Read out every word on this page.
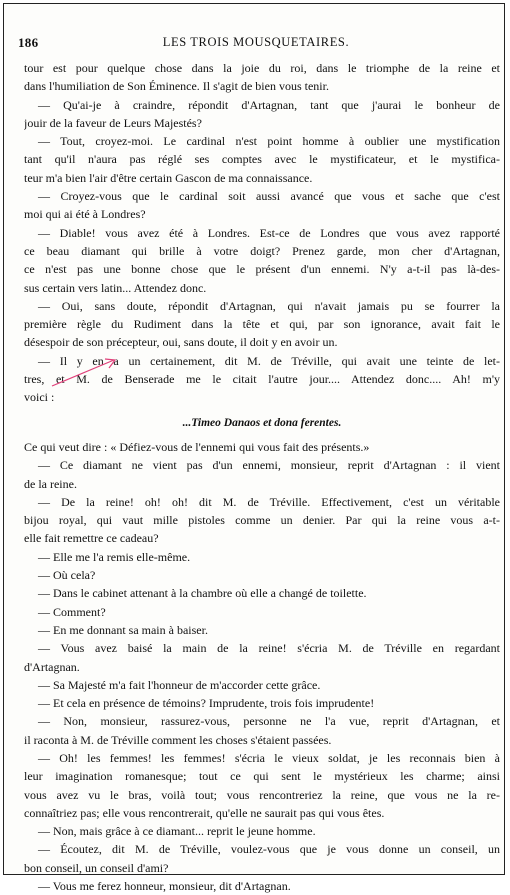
186	LES TROIS MOUSQUETAIRES.
tour est pour quelque chose dans la joie du roi, dans le triomphe de la reine et
dans l'humiliation de Son Éminence. Il s'agit de bien vous tenir.
— Qu'ai-je à craindre, répondit d'Artagnan, tant que j'aurai le bonheur de
jouir de la faveur de Leurs Majestés?
— Tout, croyez-moi. Le cardinal n'est point homme à oublier une mystification
tant qu'il n'aura pas réglé ses comptes avec le mystificateur, et le mystifica-
teur m'a bien l'air d'être certain Gascon de ma connaissance.
— Croyez-vous que le cardinal soit aussi avancé que vous et sache que c'est
moi qui ai été à Londres?
— Diable! vous avez été à Londres. Est-ce de Londres que vous avez rapporté
ce beau diamant qui brille à votre doigt? Prenez garde, mon cher d'Artagnan,
ce n'est pas une bonne chose que le présent d'un ennemi. N'y a-t-il pas là-des-
sus certain vers latin... Attendez donc.
— Oui, sans doute, répondit d'Artagnan, qui n'avait jamais pu se fourrer la
première règle du Rudiment dans la tête et qui, par son ignorance, avait fait le
désespoir de son précepteur, oui, sans doute, il doit y en avoir un.
— Il y en a un certainement, dit M. de Tréville, qui avait une teinte de let-
tres, et M. de Benserade me le citait l'autre jour.... Attendez donc.... Ah! m'y
voici :
...Timeo Danaos et dona ferentes.
Ce qui veut dire : « Défiez-vous de l'ennemi qui vous fait des présents.»
— Ce diamant ne vient pas d'un ennemi, monsieur, reprit d'Artagnan : il vient
de la reine.
— De la reine! oh! oh! dit M. de Tréville. Effectivement, c'est un véritable
bijou royal, qui vaut mille pistoles comme un denier. Par qui la reine vous a-t-
elle fait remettre ce cadeau?
— Elle me l'a remis elle-même.
— Où cela?
— Dans le cabinet attenant à la chambre où elle a changé de toilette.
— Comment?
— En me donnant sa main à baiser.
— Vous avez baisé la main de la reine! s'écria M. de Tréville en regardant
d'Artagnan.
— Sa Majesté m'a fait l'honneur de m'accorder cette grâce.
— Et cela en présence de témoins? Imprudente, trois fois imprudente!
— Non, monsieur, rassurez-vous, personne ne l'a vue, reprit d'Artagnan, et
il raconta à M. de Tréville comment les choses s'étaient passées.
— Oh! les femmes! les femmes! s'écria le vieux soldat, je les reconnais bien à
leur imagination romanesque; tout ce qui sent le mystérieux les charme; ainsi
vous avez vu le bras, voilà tout; vous rencontreriez la reine, que vous ne la re-
connaîtriez pas; elle vous rencontrerait, qu'elle ne saurait pas qui vous êtes.
— Non, mais grâce à ce diamant... reprit le jeune homme.
— Écoutez, dit M. de Tréville, voulez-vous que je vous donne un conseil, un
bon conseil, un conseil d'ami?
— Vous me ferez honneur, monsieur, dit d'Artagnan.
